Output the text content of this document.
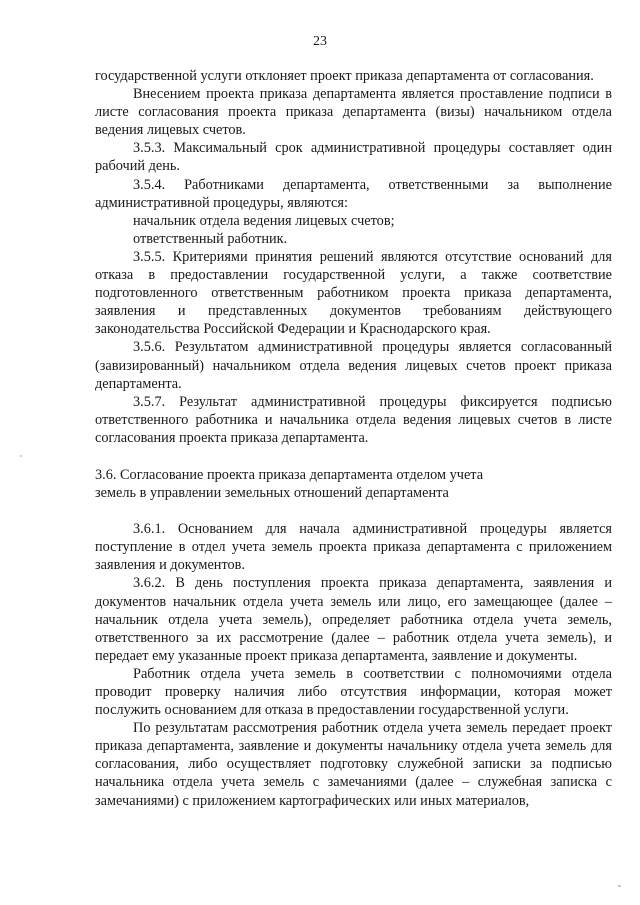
23

государственной услуги отклоняет проект приказа департамента от согласования.

Внесением проекта приказа департамента является проставление подписи в листе согласования проекта приказа департамента (визы) начальником отдела ведения лицевых счетов.

3.5.3. Максимальный срок административной процедуры составляет один рабочий день.

3.5.4. Работниками департамента, ответственными за выполнение административной процедуры, являются:

начальник отдела ведения лицевых счетов;

ответственный работник.

3.5.5. Критериями принятия решений являются отсутствие оснований для отказа в предоставлении государственной услуги, а также соответствие подготовленного ответственным работником проекта приказа департамента, заявления и представленных документов требованиям действующего законодательства Российской Федерации и Краснодарского края.

3.5.6. Результатом административной процедуры является согласованный (завизированный) начальником отдела ведения лицевых счетов проект приказа департамента.

3.5.7. Результат административной процедуры фиксируется подписью ответственного работника и начальника отдела ведения лицевых счетов в листе согласования проекта приказа департамента.

3.6. Согласование проекта приказа департамента отделом учета
земель в управлении земельных отношений департамента

3.6.1. Основанием для начала административной процедуры является поступление в отдел учета земель проекта приказа департамента с приложением заявления и документов.

3.6.2. В день поступления проекта приказа департамента, заявления и документов начальник отдела учета земель или лицо, его замещающее (далее – начальник отдела учета земель), определяет работника отдела учета земель, ответственного за их рассмотрение (далее – работник отдела учета земель), и передает ему указанные проект приказа департамента, заявление и документы.

Работник отдела учета земель в соответствии с полномочиями отдела проводит проверку наличия либо отсутствия информации, которая может послужить основанием для отказа в предоставлении государственной услуги.

По результатам рассмотрения работник отдела учета земель передает проект приказа департамента, заявление и документы начальнику отдела учета земель для согласования, либо осуществляет подготовку служебной записки за подписью начальника отдела учета земель с замечаниями (далее – служебная записка с замечаниями) с приложением картографических или иных материалов,
